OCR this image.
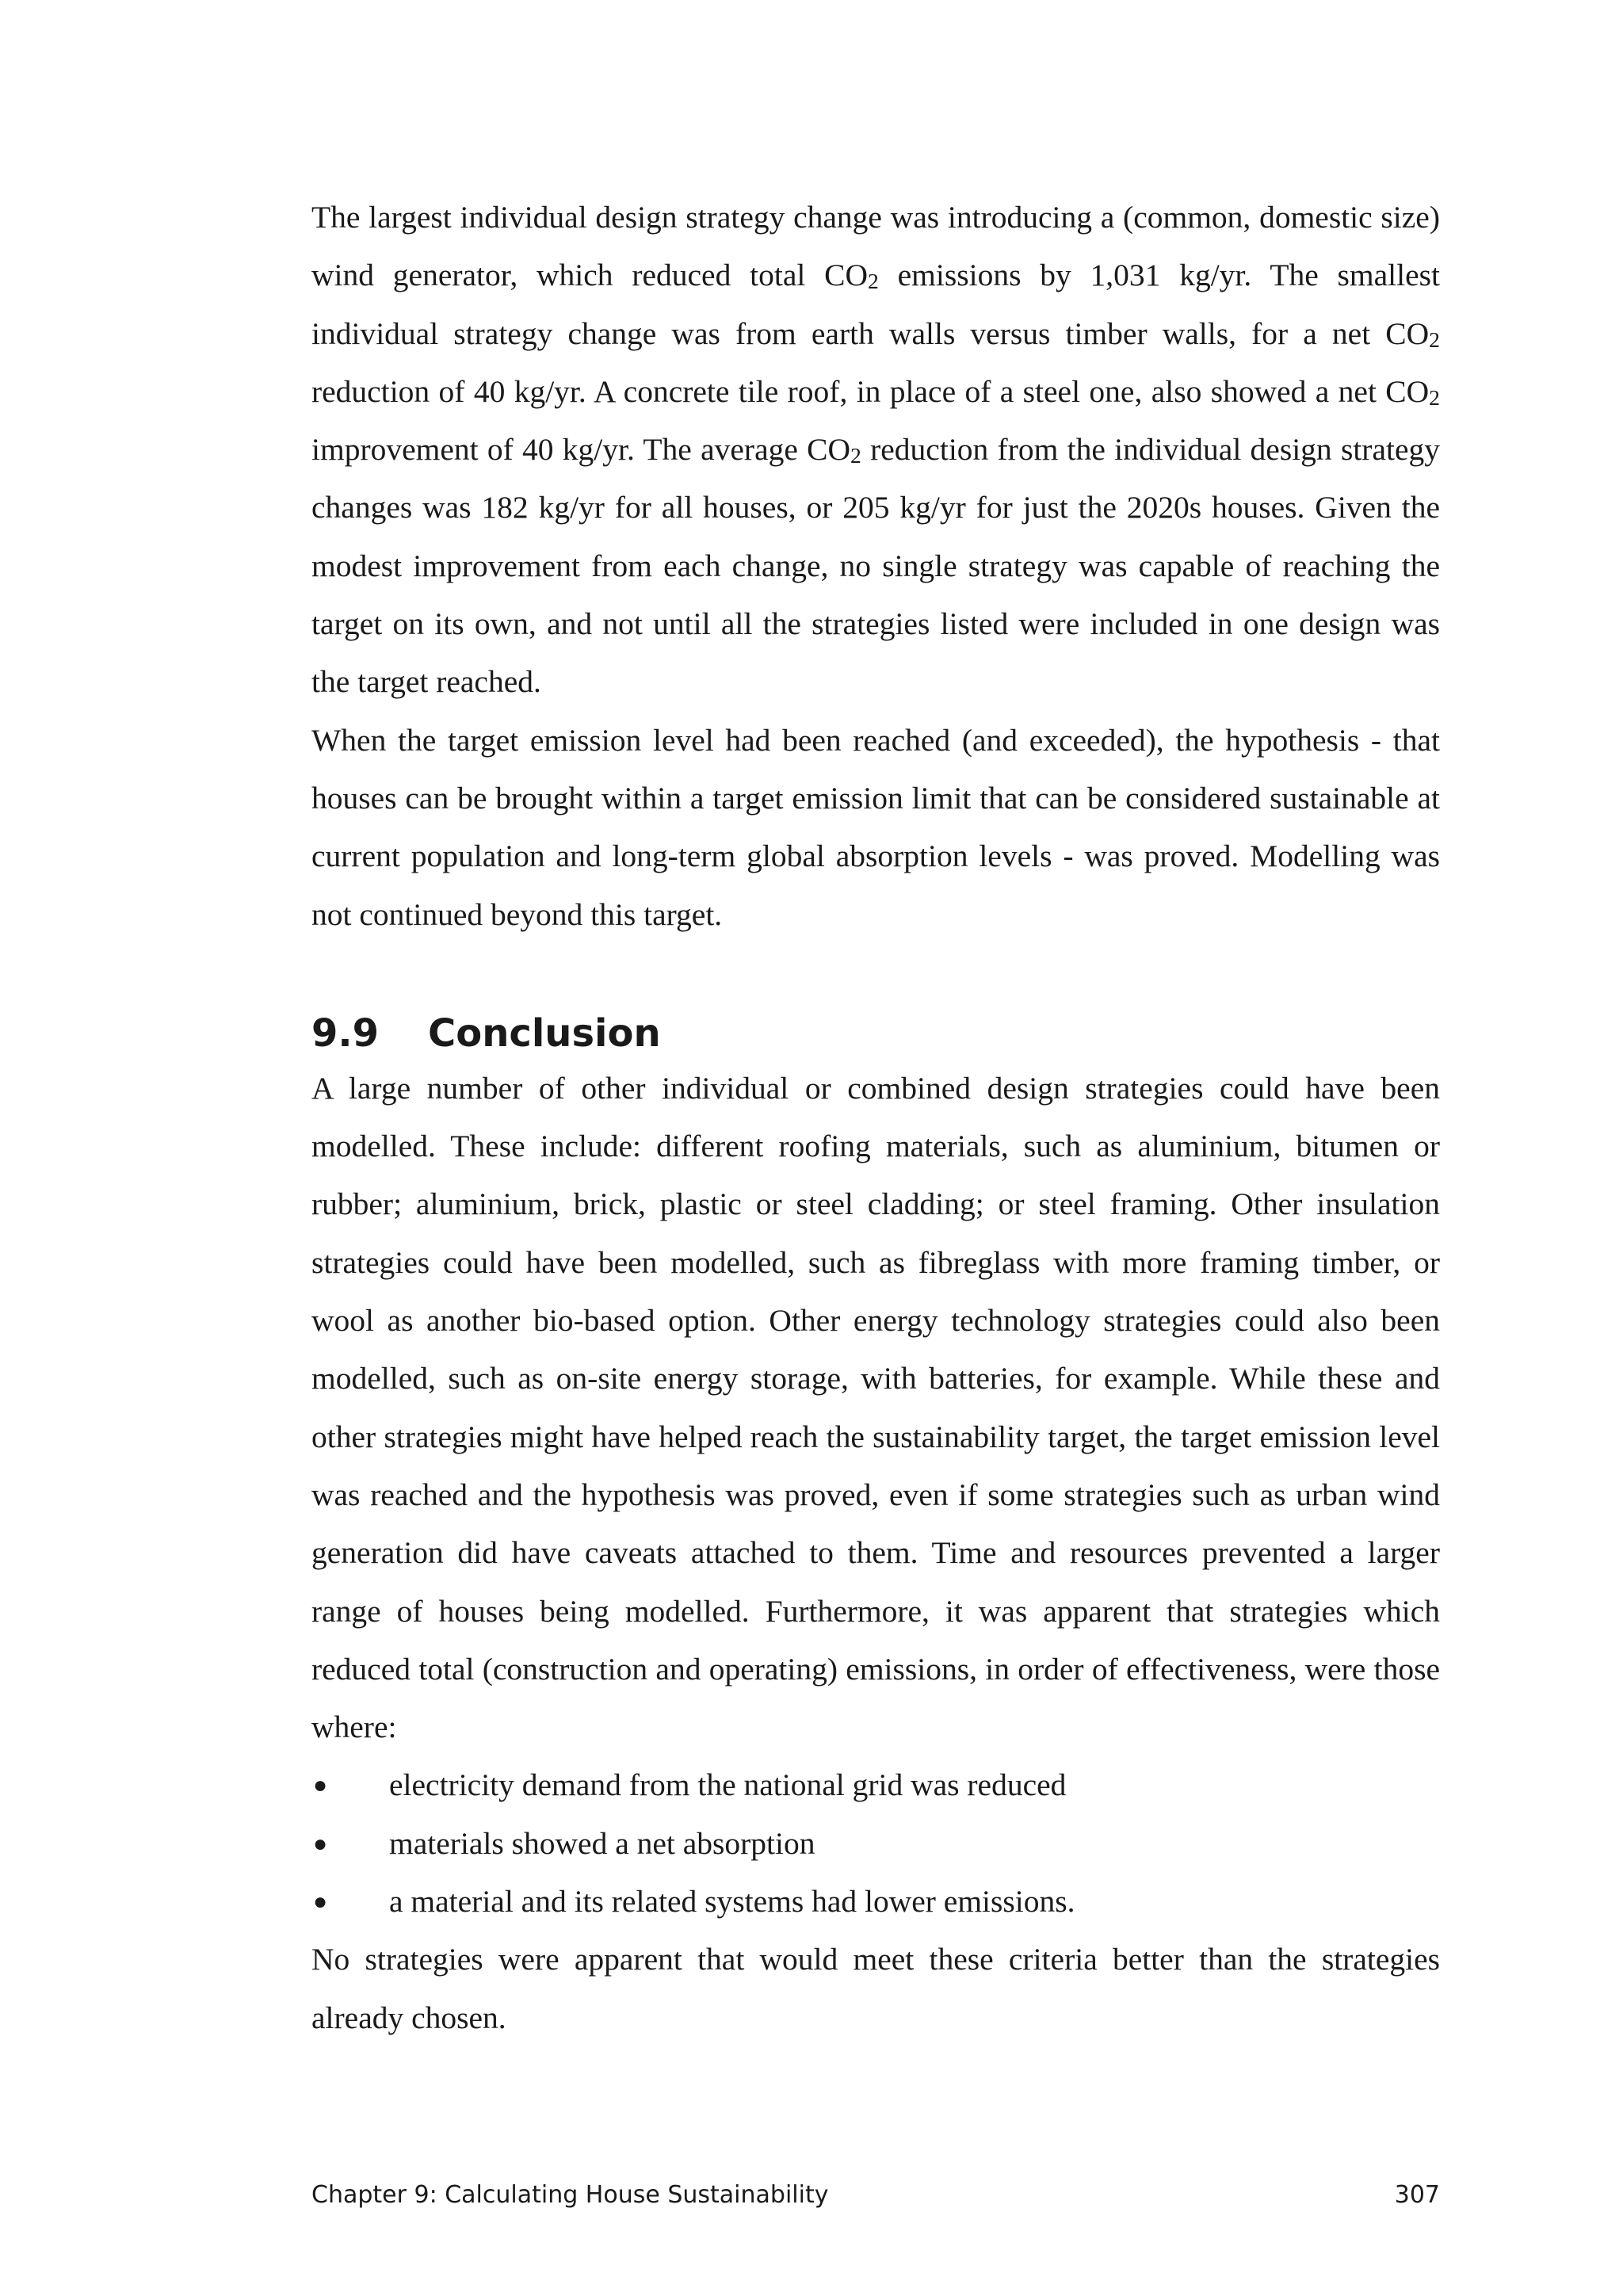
The largest individual design strategy change was introducing a (common, domestic size) wind generator, which reduced total $CO_2$ emissions by 1,031 kg/yr. The smallest individual strategy change was from earth walls versus timber walls, for a net $CO_2$ reduction of 40 kg/yr. A concrete tile roof, in place of a steel one, also showed a net $CO_2$ improvement of 40 kg/yr. The average $CO_2$ reduction from the individual design strategy changes was 182 kg/yr for all houses, or 205 kg/yr for just the 2020s houses. Given the modest improvement from each change, no single strategy was capable of reaching the target on its own, and not until all the strategies listed were included in one design was the target reached.

When the target emission level had been reached (and exceeded), the hypothesis - that houses can be brought within a target emission limit that can be considered sustainable at current population and long-term global absorption levels - was proved. Modelling was not continued beyond this target.

9.9	Conclusion

A large number of other individual or combined design strategies could have been modelled. These include: different roofing materials, such as aluminium, bitumen or rubber; aluminium, brick, plastic or steel cladding; or steel framing. Other insulation strategies could have been modelled, such as fibreglass with more framing timber, or wool as another bio-based option. Other energy technology strategies could also been modelled, such as on-site energy storage, with batteries, for example. While these and other strategies might have helped reach the sustainability target, the target emission level was reached and the hypothesis was proved, even if some strategies such as urban wind generation did have caveats attached to them. Time and resources prevented a larger range of houses being modelled. Furthermore, it was apparent that strategies which reduced total (construction and operating) emissions, in order of effectiveness, were those where:

● electricity demand from the national grid was reduced
● materials showed a net absorption
● a material and its related systems had lower emissions.

No strategies were apparent that would meet these criteria better than the strategies already chosen.

Chapter 9: Calculating House Sustainability	307
